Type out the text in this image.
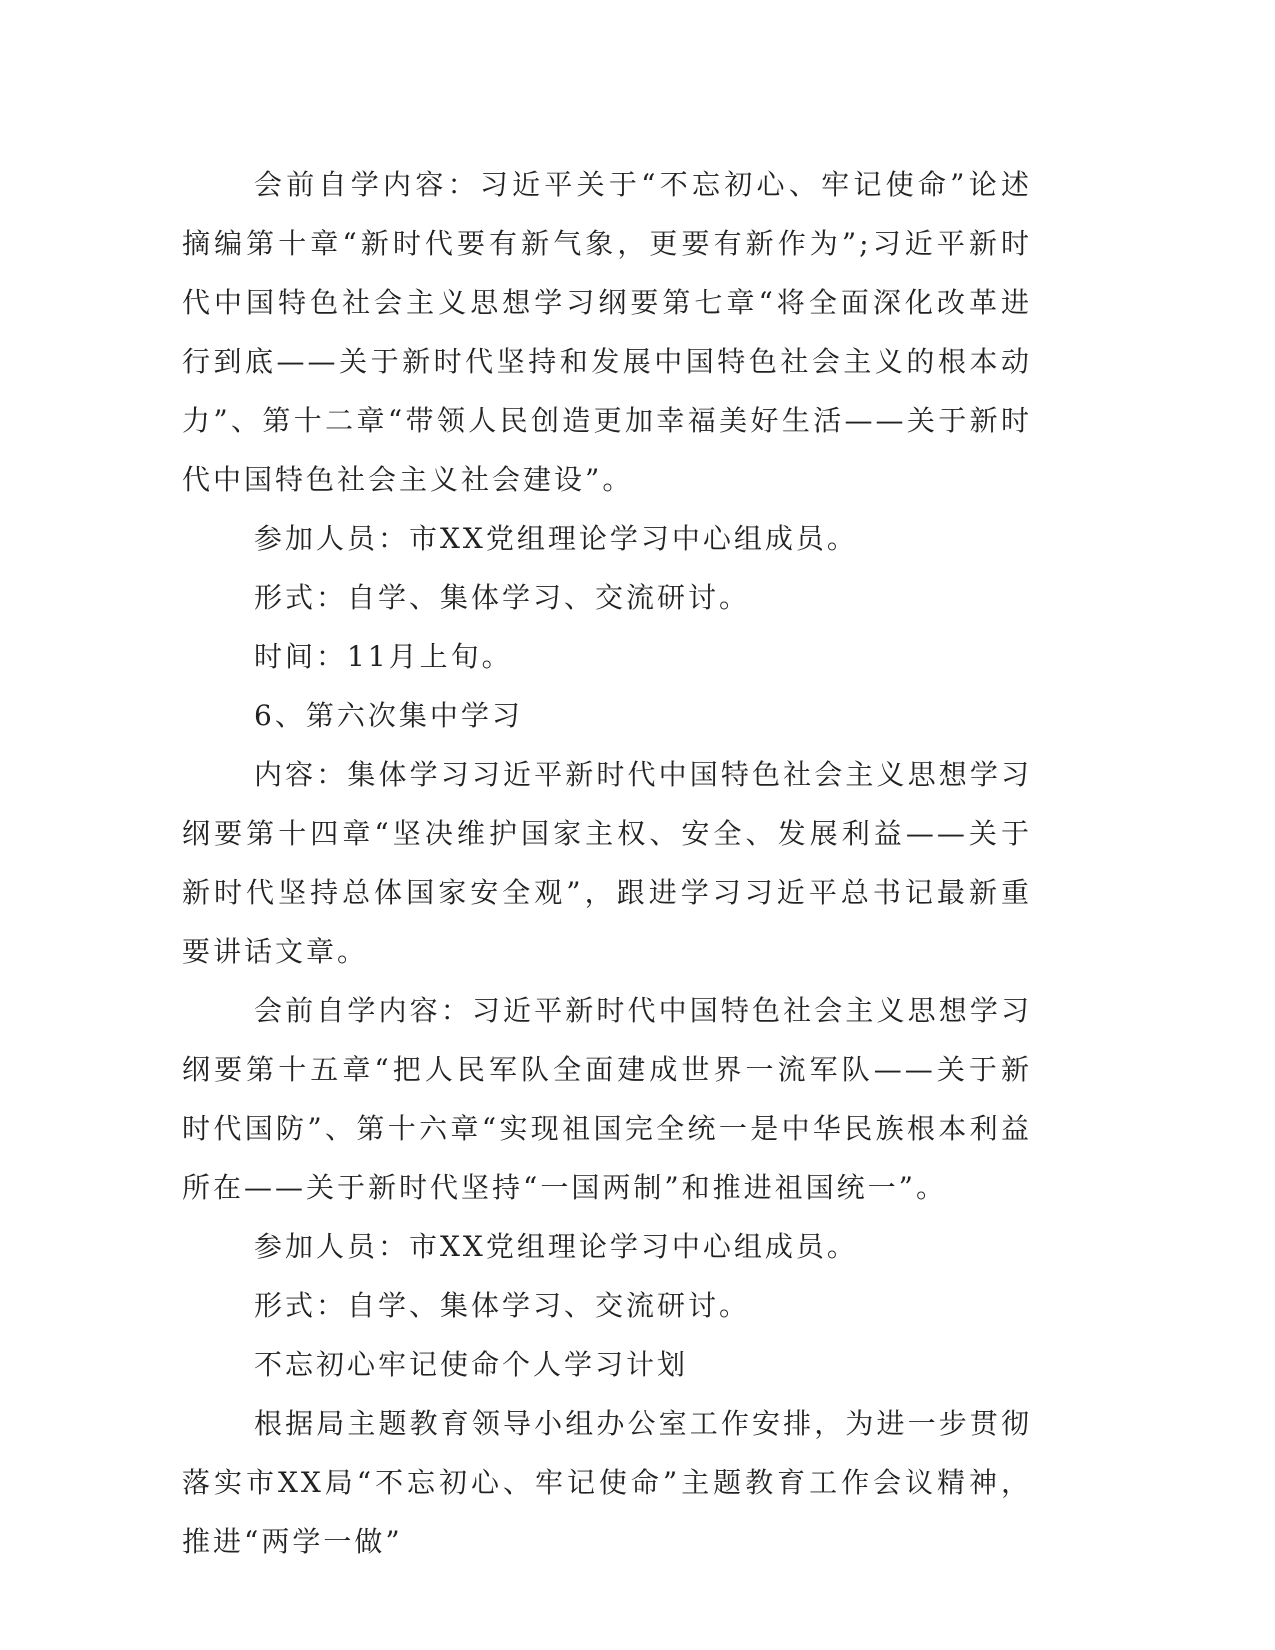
会前自学内容：习近平关于“不忘初心、牢记使命”论述摘编第十章“新时代要有新气象，更要有新作为”;习近平新时代中国特色社会主义思想学习纲要第七章“将全面深化改革进行到底——关于新时代坚持和发展中国特色社会主义的根本动力”、第十二章“带领人民创造更加幸福美好生活——关于新时代中国特色社会主义社会建设”。

参加人员：市XX党组理论学习中心组成员。

形式：自学、集体学习、交流研讨。

时间：11月上旬。

6、第六次集中学习

内容：集体学习习近平新时代中国特色社会主义思想学习纲要第十四章“坚决维护国家主权、安全、发展利益——关于新时代坚持总体国家安全观”，跟进学习习近平总书记最新重要讲话文章。

会前自学内容：习近平新时代中国特色社会主义思想学习纲要第十五章“把人民军队全面建成世界一流军队——关于新时代国防”、第十六章“实现祖国完全统一是中华民族根本利益所在——关于新时代坚持“一国两制”和推进祖国统一”。

参加人员：市XX党组理论学习中心组成员。

形式：自学、集体学习、交流研讨。

不忘初心牢记使命个人学习计划

根据局主题教育领导小组办公室工作安排，为进一步贯彻落实市XX局“不忘初心、牢记使命”主题教育工作会议精神，推进“两学一做”
